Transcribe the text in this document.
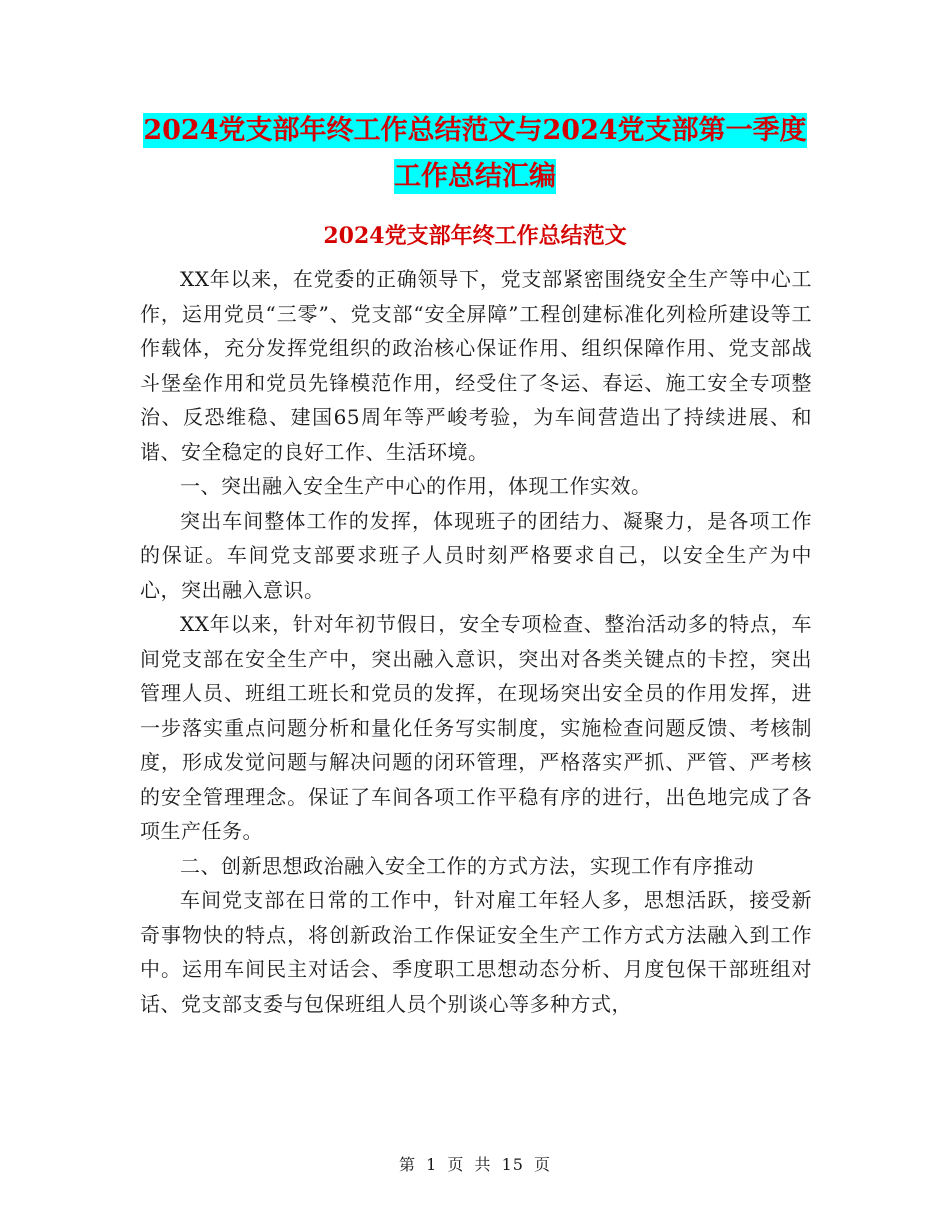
2024党支部年终工作总结范文与2024党支部第一季度
工作总结汇编
2024党支部年终工作总结范文

XX年以来，在党委的正确领导下，党支部紧密围绕安全生产等中心工作，运用党员“三零”、党支部“安全屏障”工程创建标准化列检所建设等工作载体，充分发挥党组织的政治核心保证作用、组织保障作用、党支部战斗堡垒作用和党员先锋模范作用，经受住了冬运、春运、施工安全专项整治、反恐维稳、建国65周年等严峻考验，为车间营造出了持续进展、和谐、安全稳定的良好工作、生活环境。

一、突出融入安全生产中心的作用，体现工作实效。

突出车间整体工作的发挥，体现班子的团结力、凝聚力，是各项工作的保证。车间党支部要求班子人员时刻严格要求自己，以安全生产为中心，突出融入意识。

XX年以来，针对年初节假日，安全专项检查、整治活动多的特点，车间党支部在安全生产中，突出融入意识，突出对各类关键点的卡控，突出管理人员、班组工班长和党员的发挥，在现场突出安全员的作用发挥，进一步落实重点问题分析和量化任务写实制度，实施检查问题反馈、考核制度，形成发觉问题与解决问题的闭环管理，严格落实严抓、严管、严考核的安全管理理念。保证了车间各项工作平稳有序的进行，出色地完成了各项生产任务。

二、创新思想政治融入安全工作的方式方法，实现工作有序推动

车间党支部在日常的工作中，针对雇工年轻人多，思想活跃，接受新奇事物快的特点，将创新政治工作保证安全生产工作方式方法融入到工作中。运用车间民主对话会、季度职工思想动态分析、月度包保干部班组对话、党支部支委与包保班组人员个别谈心等多种方式，

第 1 页 共 15 页
